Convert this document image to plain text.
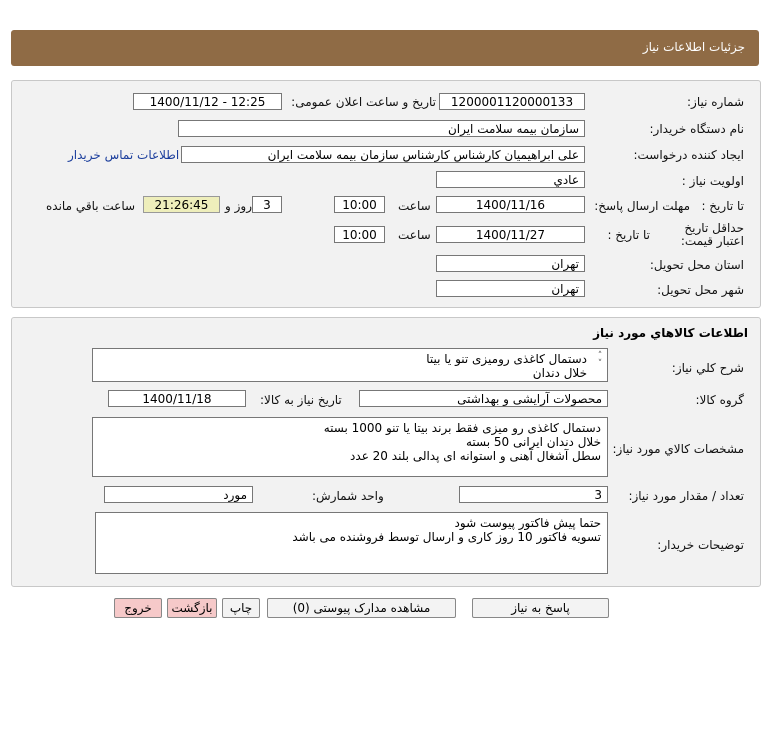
جزئیات اطلاعات نیاز
شماره نیاز:
1200001120000133
تاریخ و ساعت اعلان عمومی:
1400/11/12 - 12:25
نام دستگاه خریدار:
سازمان بیمه سلامت ایران
ایجاد کننده درخواست:
علی ابراهیمیان کارشناس کارشناس سازمان بیمه سلامت ایران
اطلاعات تماس خریدار
اولویت نیاز :
عادي
مهلت ارسال پاسخ: تا تاریخ :
1400/11/16
ساعت
10:00
3
روز و
21:26:45
ساعت باقي مانده
حداقل تاریخ اعتبار قیمت:
تا تاریخ :
1400/11/27
ساعت
10:00
استان محل تحویل:
تهران
شهر محل تحویل:
تهران
اطلاعات کالاهاي مورد نياز
شرح کلي نياز:
دستمال کاغذی رومیزی تنو یا بیتا
خلال دندان
گروه کالا:
محصولات آرایشی و بهداشتی
تاریخ نیاز به کالا:
1400/11/18
مشخصات کالاي مورد نياز:
دستمال کاغذی رو میزی فقط برند بیتا یا تنو 1000 بسته
خلال دندان ایرانی 50 بسته
سطل آشغال آهنی و استوانه ای پدالی بلند 20 عدد
تعداد / مقدار مورد نیاز:
3
واحد شمارش:
مورد
توضیحات خریدار:
حتما پیش فاکتور پیوست شود
تسویه فاکتور 10 روز کاری و ارسال توسط فروشنده می باشد
˄
˅
پاسخ به نیاز
مشاهده مدارک پیوستی (0)
چاپ
بازگشت
خروج
